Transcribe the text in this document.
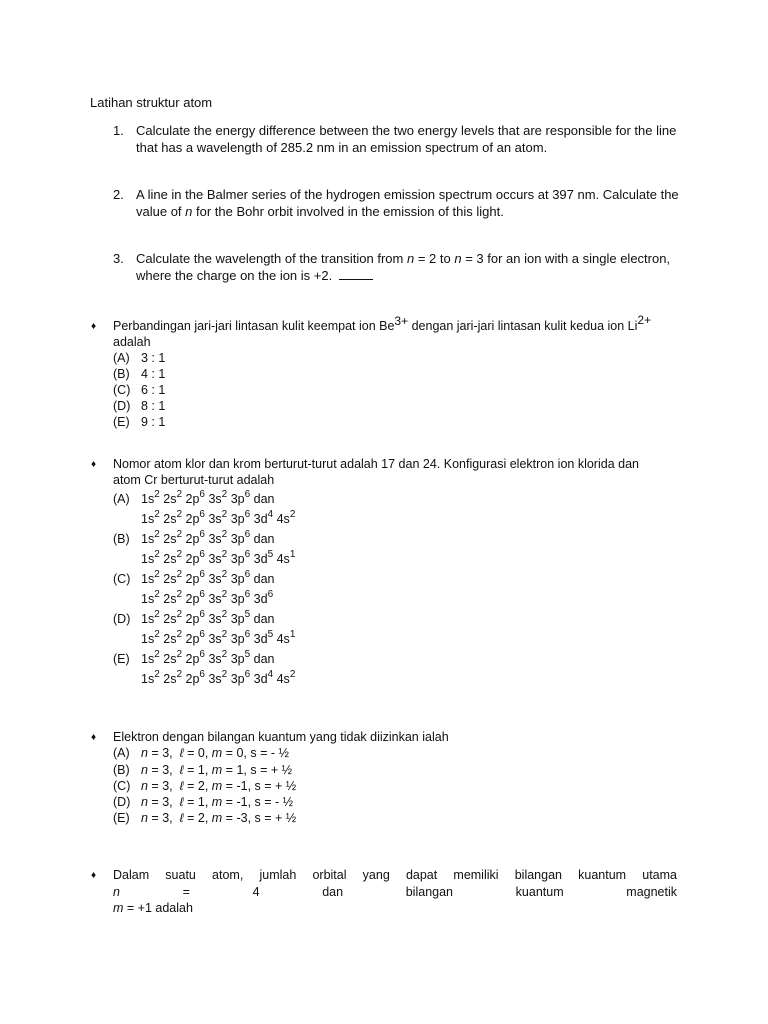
Latihan struktur atom
1. Calculate the energy difference between the two energy levels that are responsible for the line
that has a wavelength of 285.2 nm in an emission spectrum of an atom.
2. A line in the Balmer series of the hydrogen emission spectrum occurs at 397 nm. Calculate the
value of n for the Bohr orbit involved in the emission of this light.
3. Calculate the wavelength of the transition from n = 2 to n = 3 for an ion with a single electron,
where the charge on the ion is +2.
♦ Perbandingan jari-jari lintasan kulit keempat ion $Be^{3+}$ dengan jari-jari lintasan kulit kedua ion $Li^{2+}$
adalah
(A) 3 : 1
(B) 4 : 1
(C) 6 : 1
(D) 8 : 1
(E) 9 : 1
♦ Nomor atom klor dan krom berturut-turut adalah 17 dan 24. Konfigurasi elektron ion klorida dan
atom Cr berturut-turut adalah
(A) $1s^2$ $2s^2$ $2p^6$ $3s^2$ $3p^6$ dan
$1s^2$ $2s^2$ $2p^6$ $3s^2$ $3p^6$ $3d^4$ $4s^2$
(B) $1s^2$ $2s^2$ $2p^6$ $3s^2$ $3p^6$ dan
$1s^2$ $2s^2$ $2p^6$ $3s^2$ $3p^6$ $3d^5$ $4s^1$
(C) $1s^2$ $2s^2$ $2p^6$ $3s^2$ $3p^6$ dan
$1s^2$ $2s^2$ $2p^6$ $3s^2$ $3p^6$ $3d^6$
(D) $1s^2$ $2s^2$ $2p^6$ $3s^2$ $3p^5$ dan
$1s^2$ $2s^2$ $2p^6$ $3s^2$ $3p^6$ $3d^5$ $4s^1$
(E) $1s^2$ $2s^2$ $2p^6$ $3s^2$ $3p^5$ dan
$1s^2$ $2s^2$ $2p^6$ $3s^2$ $3p^6$ $3d^4$ $4s^2$
♦ Elektron dengan bilangan kuantum yang tidak diizinkan ialah
(A) n = 3,  ℓ = 0, m = 0, s = - ½
(B) n = 3,  ℓ = 1, m = 1, s = + ½
(C) n = 3,  ℓ = 2, m = -1, s = + ½
(D) n = 3,  ℓ = 1, m = -1, s = - ½
(E) n = 3,  ℓ = 2, m = -3, s = + ½
♦ Dalam suatu atom, jumlah orbital yang dapat memiliki bilangan kuantum utama
n = 4 dan bilangan kuantum magnetik
m = +1 adalah
